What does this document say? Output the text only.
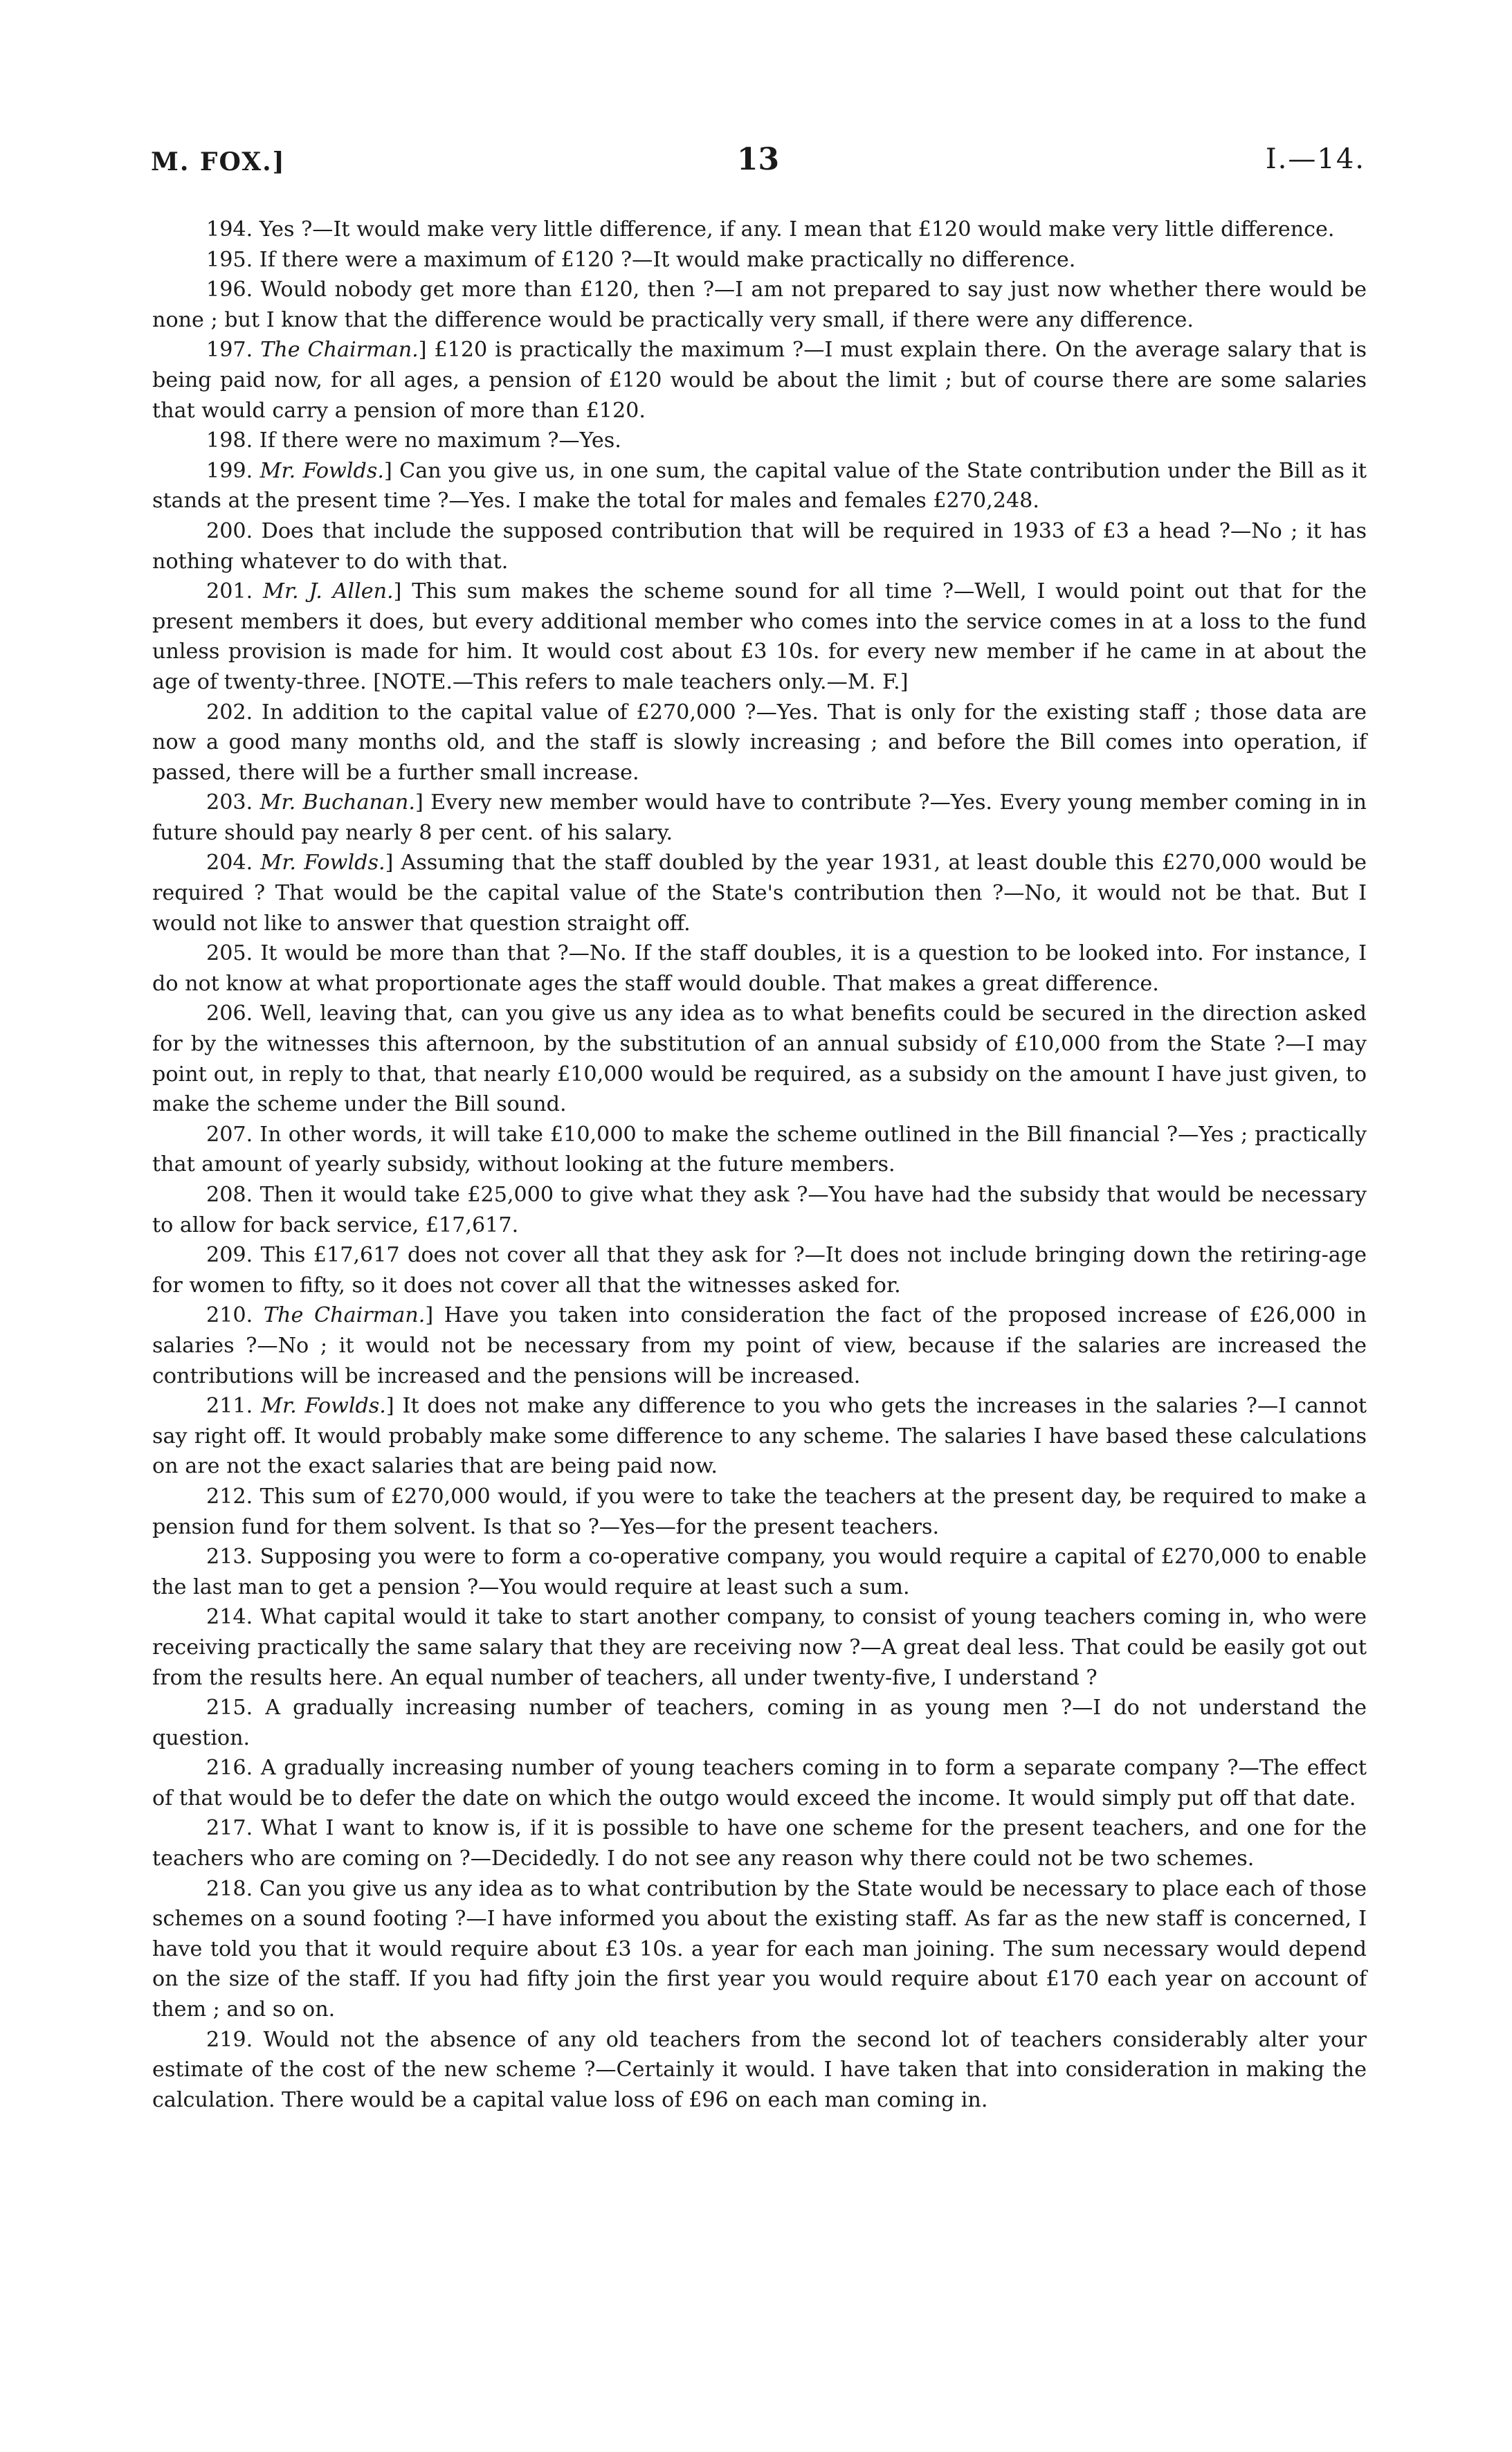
M. FOX.]	13	I.—14.

194. Yes ?—It would make very little difference, if any. I mean that £120 would make very little difference.

195. If there were a maximum of £120 ?—It would make practically no difference.

196. Would nobody get more than £120, then ?—I am not prepared to say just now whether there would be none ; but I know that the difference would be practically very small, if there were any difference.

197. The Chairman.] £120 is practically the maximum ?—I must explain there. On the average salary that is being paid now, for all ages, a pension of £120 would be about the limit ; but of course there are some salaries that would carry a pension of more than £120.

198. If there were no maximum ?—Yes.

199. Mr. Fowlds.] Can you give us, in one sum, the capital value of the State contribution under the Bill as it stands at the present time ?—Yes. I make the total for males and females £270,248.

200. Does that include the supposed contribution that will be required in 1933 of £3 a head ?—No ; it has nothing whatever to do with that.

201. Mr. J. Allen.] This sum makes the scheme sound for all time ?—Well, I would point out that for the present members it does, but every additional member who comes into the service comes in at a loss to the fund unless provision is made for him. It would cost about £3 10s. for every new member if he came in at about the age of twenty-three. [NOTE.—This refers to male teachers only.—M. F.]

202. In addition to the capital value of £270,000 ?—Yes. That is only for the existing staff ; those data are now a good many months old, and the staff is slowly increasing ; and before the Bill comes into operation, if passed, there will be a further small increase.

203. Mr. Buchanan.] Every new member would have to contribute ?—Yes. Every young member coming in in future should pay nearly 8 per cent. of his salary.

204. Mr. Fowlds.] Assuming that the staff doubled by the year 1931, at least double this £270,000 would be required ? That would be the capital value of the State's contribution then ?—No, it would not be that. But I would not like to answer that question straight off.

205. It would be more than that ?—No. If the staff doubles, it is a question to be looked into. For instance, I do not know at what proportionate ages the staff would double. That makes a great difference.

206. Well, leaving that, can you give us any idea as to what benefits could be secured in the direction asked for by the witnesses this afternoon, by the substitution of an annual subsidy of £10,000 from the State ?—I may point out, in reply to that, that nearly £10,000 would be required, as a subsidy on the amount I have just given, to make the scheme under the Bill sound.

207. In other words, it will take £10,000 to make the scheme outlined in the Bill financial ?—Yes ; practically that amount of yearly subsidy, without looking at the future members.

208. Then it would take £25,000 to give what they ask ?—You have had the subsidy that would be necessary to allow for back service, £17,617.

209. This £17,617 does not cover all that they ask for ?—It does not include bringing down the retiring-age for women to fifty, so it does not cover all that the witnesses asked for.

210. The Chairman.] Have you taken into consideration the fact of the proposed increase of £26,000 in salaries ?—No ; it would not be necessary from my point of view, because if the salaries are increased the contributions will be increased and the pensions will be increased.

211. Mr. Fowlds.] It does not make any difference to you who gets the increases in the salaries ?—I cannot say right off. It would probably make some difference to any scheme. The salaries I have based these calculations on are not the exact salaries that are being paid now.

212. This sum of £270,000 would, if you were to take the teachers at the present day, be required to make a pension fund for them solvent. Is that so ?—Yes—for the present teachers.

213. Supposing you were to form a co-operative company, you would require a capital of £270,000 to enable the last man to get a pension ?—You would require at least such a sum.

214. What capital would it take to start another company, to consist of young teachers coming in, who were receiving practically the same salary that they are receiving now ?—A great deal less. That could be easily got out from the results here. An equal number of teachers, all under twenty-five, I understand ?

215. A gradually increasing number of teachers, coming in as young men ?—I do not understand the question.

216. A gradually increasing number of young teachers coming in to form a separate company ?—The effect of that would be to defer the date on which the outgo would exceed the income. It would simply put off that date.

217. What I want to know is, if it is possible to have one scheme for the present teachers, and one for the teachers who are coming on ?—Decidedly. I do not see any reason why there could not be two schemes.

218. Can you give us any idea as to what contribution by the State would be necessary to place each of those schemes on a sound footing ?—I have informed you about the existing staff. As far as the new staff is concerned, I have told you that it would require about £3 10s. a year for each man joining. The sum necessary would depend on the size of the staff. If you had fifty join the first year you would require about £170 each year on account of them ; and so on.

219. Would not the absence of any old teachers from the second lot of teachers considerably alter your estimate of the cost of the new scheme ?—Certainly it would. I have taken that into consideration in making the calculation. There would be a capital value loss of £96 on each man coming in.
